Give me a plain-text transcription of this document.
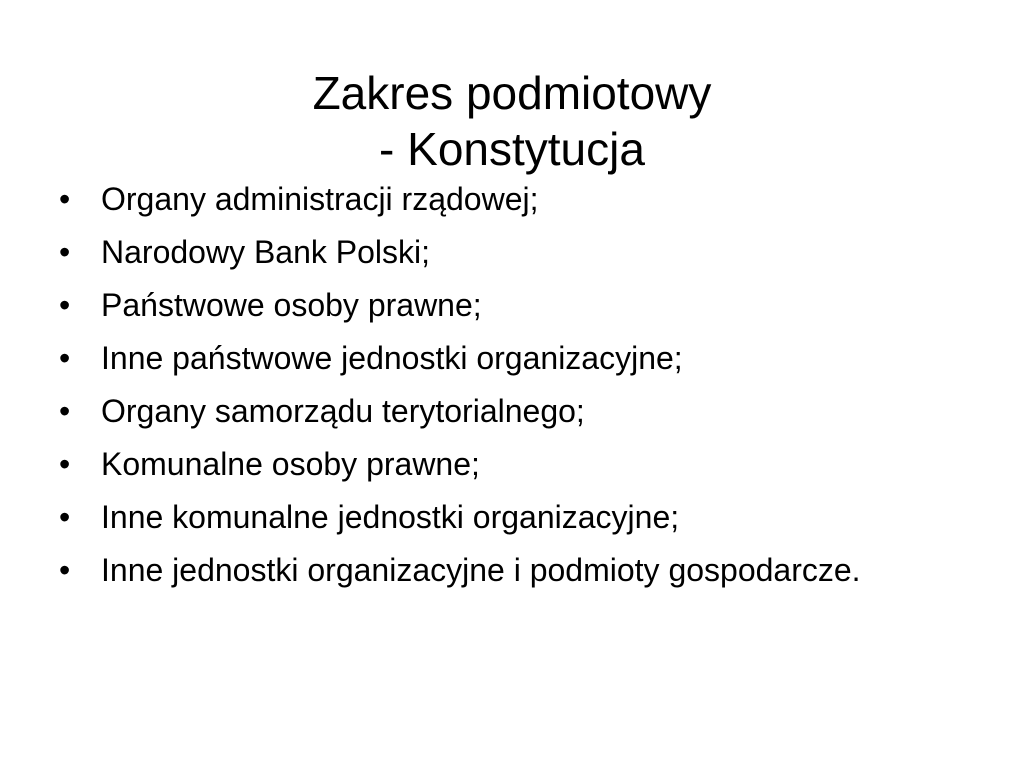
Zakres podmiotowy
- Konstytucja
• Organy administracji rządowej;
• Narodowy Bank Polski;
• Państwowe osoby prawne;
• Inne państwowe jednostki organizacyjne;
• Organy samorządu terytorialnego;
• Komunalne osoby prawne;
• Inne komunalne jednostki organizacyjne;
• Inne jednostki organizacyjne i podmioty gospodarcze.
